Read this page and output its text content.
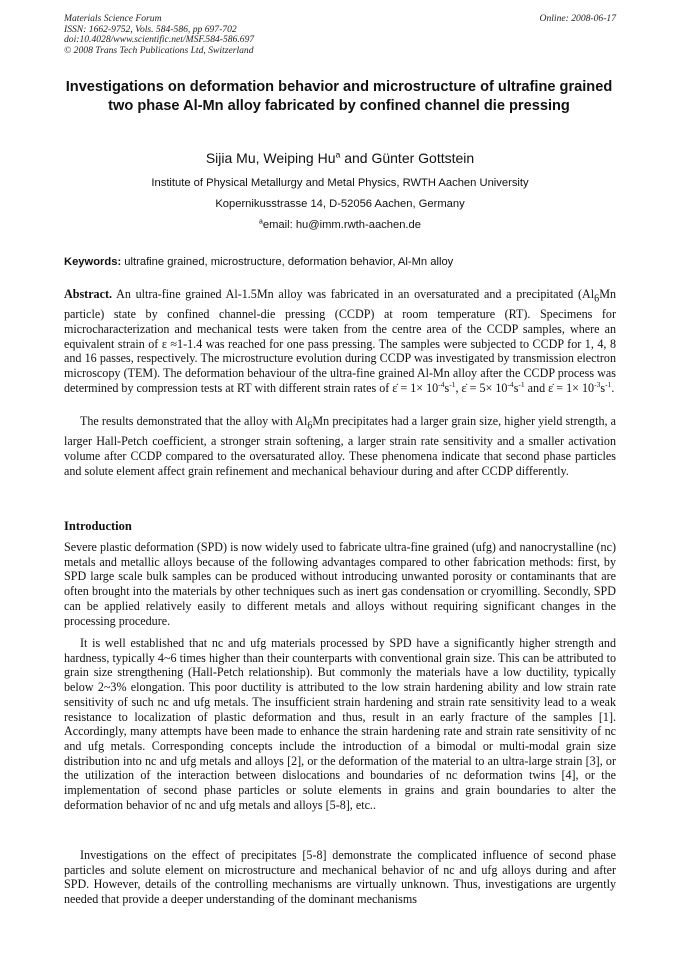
Materials Science Forum
ISSN: 1662-9752, Vols. 584-586, pp 697-702
doi:10.4028/www.scientific.net/MSF.584-586.697
© 2008 Trans Tech Publications Ltd, Switzerland
Online: 2008-06-17
Investigations on deformation behavior and microstructure of ultrafine grained two phase Al-Mn alloy fabricated by confined channel die pressing
Sijia Mu, Weiping Hu$^a$ and Günter Gottstein
Institute of Physical Metallurgy and Metal Physics, RWTH Aachen University
Kopernikusstrasse 14, D-52056 Aachen, Germany
$^a$email: hu@imm.rwth-aachen.de
Keywords: ultrafine grained, microstructure, deformation behavior, Al-Mn alloy
Abstract. An ultra-fine grained Al-1.5Mn alloy was fabricated in an oversaturated and a precipitated ($Al_6Mn$ particle) state by confined channel-die pressing (CCDP) at room temperature (RT). Specimens for microcharacterization and mechanical tests were taken from the centre area of the CCDP samples, where an equivalent strain of ε ≈1-1.4 was reached for one pass pressing. The samples were subjected to CCDP for 1, 4, 8 and 16 passes, respectively. The microstructure evolution during CCDP was investigated by transmission electron microscopy (TEM). The deformation behaviour of the ultra-fine grained Al-Mn alloy after the CCDP process was determined by compression tests at RT with different strain rates of ε̇ = $1\times 10^{-4}s^{-1}$, ε̇ = $5\times 10^{-4}s^{-1}$ and ε̇ = $1\times 10^{-3}s^{-1}$.
The results demonstrated that the alloy with $Al_6Mn$ precipitates had a larger grain size, higher yield strength, a larger Hall-Petch coefficient, a stronger strain softening, a larger strain rate sensitivity and a smaller activation volume after CCDP compared to the oversaturated alloy. These phenomena indicate that second phase particles and solute element affect grain refinement and mechanical behaviour during and after CCDP differently.
Introduction
Severe plastic deformation (SPD) is now widely used to fabricate ultra-fine grained (ufg) and nanocrystalline (nc) metals and metallic alloys because of the following advantages compared to other fabrication methods: first, by SPD large scale bulk samples can be produced without introducing unwanted porosity or contaminants that are often brought into the materials by other techniques such as inert gas condensation or cryomilling. Secondly, SPD can be applied relatively easily to different metals and alloys without requiring significant changes in the processing procedure.
It is well established that nc and ufg materials processed by SPD have a significantly higher strength and hardness, typically 4~6 times higher than their counterparts with conventional grain size. This can be attributed to grain size strengthening (Hall-Petch relationship). But commonly the materials have a low ductility, typically below 2~3% elongation. This poor ductility is attributed to the low strain hardening ability and low strain rate sensitivity of such nc and ufg metals. The insufficient strain hardening and strain rate sensitivity lead to a weak resistance to localization of plastic deformation and thus, result in an early fracture of the samples [1]. Accordingly, many attempts have been made to enhance the strain hardening rate and strain rate sensitivity of nc and ufg metals. Corresponding concepts include the introduction of a bimodal or multi-modal grain size distribution into nc and ufg metals and alloys [2], or the deformation of the material to an ultra-large strain [3], or the utilization of the interaction between dislocations and boundaries of nc deformation twins [4], or the implementation of second phase particles or solute elements in grains and grain boundaries to alter the deformation behavior of nc and ufg metals and alloys [5-8], etc..
Investigations on the effect of precipitates [5-8] demonstrate the complicated influence of second phase particles and solute element on microstructure and mechanical behavior of nc and ufg alloys during and after SPD. However, details of the controlling mechanisms are virtually unknown. Thus, investigations are urgently needed that provide a deeper understanding of the dominant mechanisms
